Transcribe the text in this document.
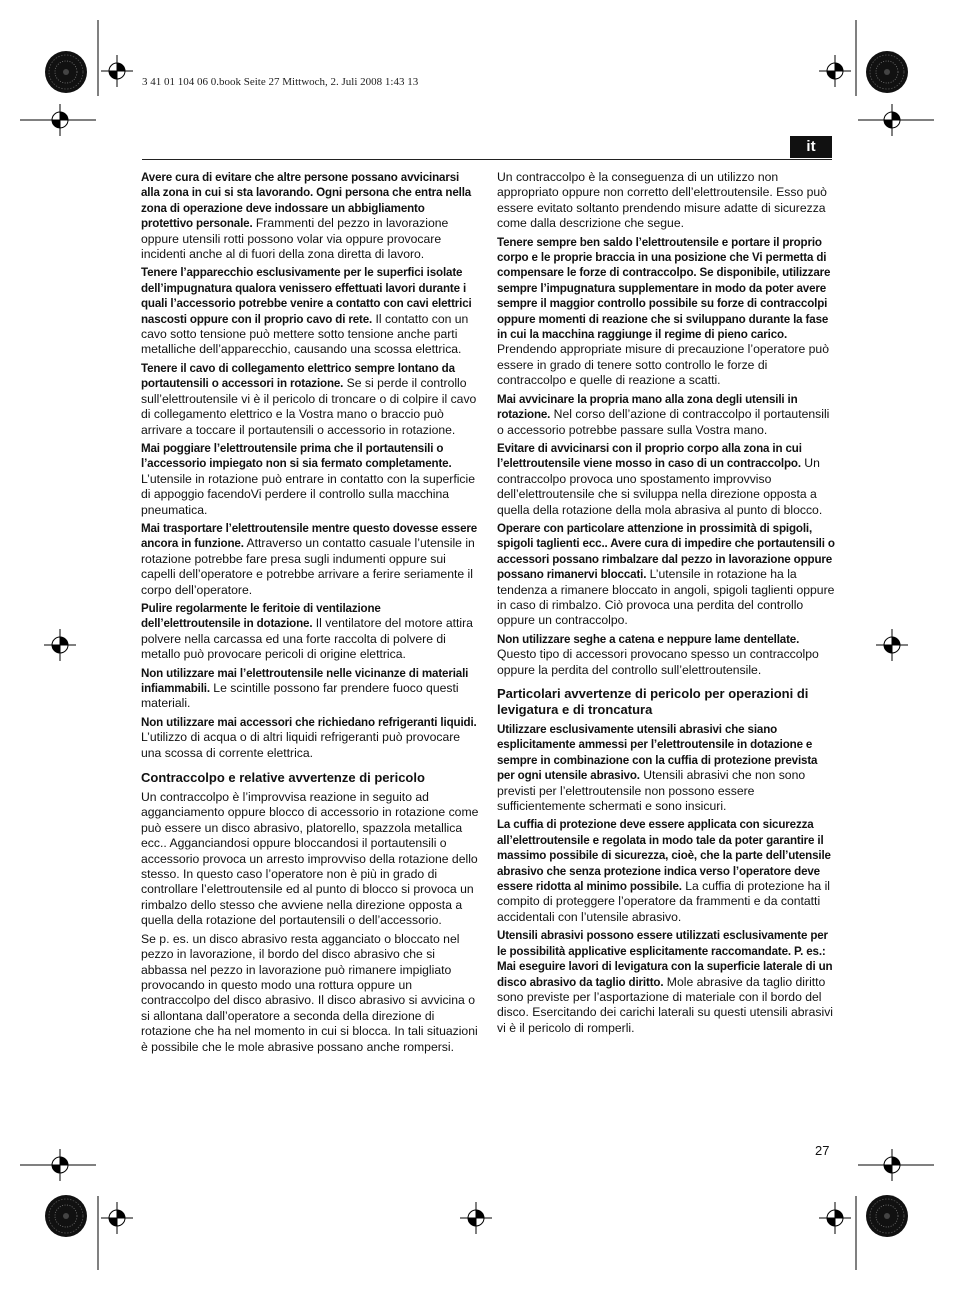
3 41 01 104 06 0.book Seite 27 Mittwoch, 2. Juli 2008 1:43 13
it

Avere cura di evitare che altre persone possano avvicinarsi alla zona in cui si sta lavorando. Ogni persona che entra nella zona di operazione deve indossare un abbigliamento protettivo personale. Frammenti del pezzo in lavorazione oppure utensili rotti possono volar via oppure provocare incidenti anche al di fuori della zona diretta di lavoro.

Tenere l’apparecchio esclusivamente per le superfici isolate dell’impugnatura qualora venissero effettuati lavori durante i quali l’accessorio potrebbe venire a contatto con cavi elettrici nascosti oppure con il proprio cavo di rete. Il contatto con un cavo sotto tensione può mettere sotto tensione anche parti metalliche dell’apparecchio, causando una scossa elettrica.

Tenere il cavo di collegamento elettrico sempre lontano da portautensili o accessori in rotazione. Se si perde il controllo sull’elettroutensile vi è il pericolo di troncare o di colpire il cavo di collegamento elettrico e la Vostra mano o braccio può arrivare a toccare il portautensili o accessorio in rotazione.

Mai poggiare l’elettroutensile prima che il portautensili o l’accessorio impiegato non si sia fermato completamente. L’utensile in rotazione può entrare in contatto con la superficie di appoggio facendoVi perdere il controllo sulla macchina pneumatica.

Mai trasportare l’elettroutensile mentre questo dovesse essere ancora in funzione. Attraverso un contatto casuale l’utensile in rotazione potrebbe fare presa sugli indumenti oppure sui capelli dell’operatore e potrebbe arrivare a ferire seriamente il corpo dell’operatore.

Pulire regolarmente le feritoie di ventilazione dell’elettroutensile in dotazione. Il ventilatore del motore attira polvere nella carcassa ed una forte raccolta di polvere di metallo può provocare pericoli di origine elettrica.

Non utilizzare mai l’elettroutensile nelle vicinanze di materiali infiammabili. Le scintille possono far prendere fuoco questi materiali.

Non utilizzare mai accessori che richiedano refrigeranti liquidi. L’utilizzo di acqua o di altri liquidi refrigeranti può provocare una scossa di corrente elettrica.

Contraccolpo e relative avvertenze di pericolo

Un contraccolpo è l’improvvisa reazione in seguito ad agganciamento oppure blocco di accessorio in rotazione come può essere un disco abrasivo, platorello, spazzola metallica ecc.. Agganciandosi oppure bloccandosi il portautensili o accessorio provoca un arresto improvviso della rotazione dello stesso. In questo caso l’operatore non è più in grado di controllare l’elettroutensile ed al punto di blocco si provoca un rimbalzo dello stesso che avviene nella direzione opposta a quella della rotazione del portautensili o dell’accessorio.

Se p. es. un disco abrasivo resta agganciato o bloccato nel pezzo in lavorazione, il bordo del disco abrasivo che si abbassa nel pezzo in lavorazione può rimanere impigliato provocando in questo modo una rottura oppure un contraccolpo del disco abrasivo. Il disco abrasivo si avvicina o si allontana dall’operatore a seconda della direzione di rotazione che ha nel momento in cui si blocca. In tali situazioni è possibile che le mole abrasive possano anche rompersi.

Un contraccolpo è la conseguenza di un utilizzo non appropriato oppure non corretto dell’elettroutensile. Esso può essere evitato soltanto prendendo misure adatte di sicurezza come dalla descrizione che segue.

Tenere sempre ben saldo l’elettroutensile e portare il proprio corpo e le proprie braccia in una posizione che Vi permetta di compensare le forze di contraccolpo. Se disponibile, utilizzare sempre l’impugnatura supplementare in modo da poter avere sempre il maggior controllo possibile su forze di contraccolpi oppure momenti di reazione che si sviluppano durante la fase in cui la macchina raggiunge il regime di pieno carico. Prendendo appropriate misure di precauzione l’operatore può essere in grado di tenere sotto controllo le forze di contraccolpo e quelle di reazione a scatti.

Mai avvicinare la propria mano alla zona degli utensili in rotazione. Nel corso dell’azione di contraccolpo il portautensili o accessorio potrebbe passare sulla Vostra mano.

Evitare di avvicinarsi con il proprio corpo alla zona in cui l’elettroutensile viene mosso in caso di un contraccolpo. Un contraccolpo provoca uno spostamento improvviso dell’elettroutensile che si sviluppa nella direzione opposta a quella della rotazione della mola abrasiva al punto di blocco.

Operare con particolare attenzione in prossimità di spigoli, spigoli taglienti ecc.. Avere cura di impedire che portautensili o accessori possano rimbalzare dal pezzo in lavorazione oppure possano rimanervi bloccati. L’utensile in rotazione ha la tendenza a rimanere bloccato in angoli, spigoli taglienti oppure in caso di rimbalzo. Ciò provoca una perdita del controllo oppure un contraccolpo.

Non utilizzare seghe a catena e neppure lame dentellate. Questo tipo di accessori provocano spesso un contraccolpo oppure la perdita del controllo sull’elettroutensile.

Particolari avvertenze di pericolo per operazioni di levigatura e di troncatura

Utilizzare esclusivamente utensili abrasivi che siano esplicitamente ammessi per l’elettroutensile in dotazione e sempre in combinazione con la cuffia di protezione prevista per ogni utensile abrasivo. Utensili abrasivi che non sono previsti per l’elettroutensile non possono essere sufficientemente schermati e sono insicuri.

La cuffia di protezione deve essere applicata con sicurezza all’elettroutensile e regolata in modo tale da poter garantire il massimo possibile di sicurezza, cioè, che la parte dell’utensile abrasivo che senza protezione indica verso l’operatore deve essere ridotta al minimo possibile. La cuffia di protezione ha il compito di proteggere l’operatore da frammenti e da contatti accidentali con l’utensile abrasivo.

Utensili abrasivi possono essere utilizzati esclusivamente per le possibilità applicative esplicitamente raccomandate. P. es.: Mai eseguire lavori di levigatura con la superficie laterale di un disco abrasivo da taglio diritto. Mole abrasive da taglio diritto sono previste per l’asportazione di materiale con il bordo del disco. Esercitando dei carichi laterali su questi utensili abrasivi vi è il pericolo di romperli.

27
